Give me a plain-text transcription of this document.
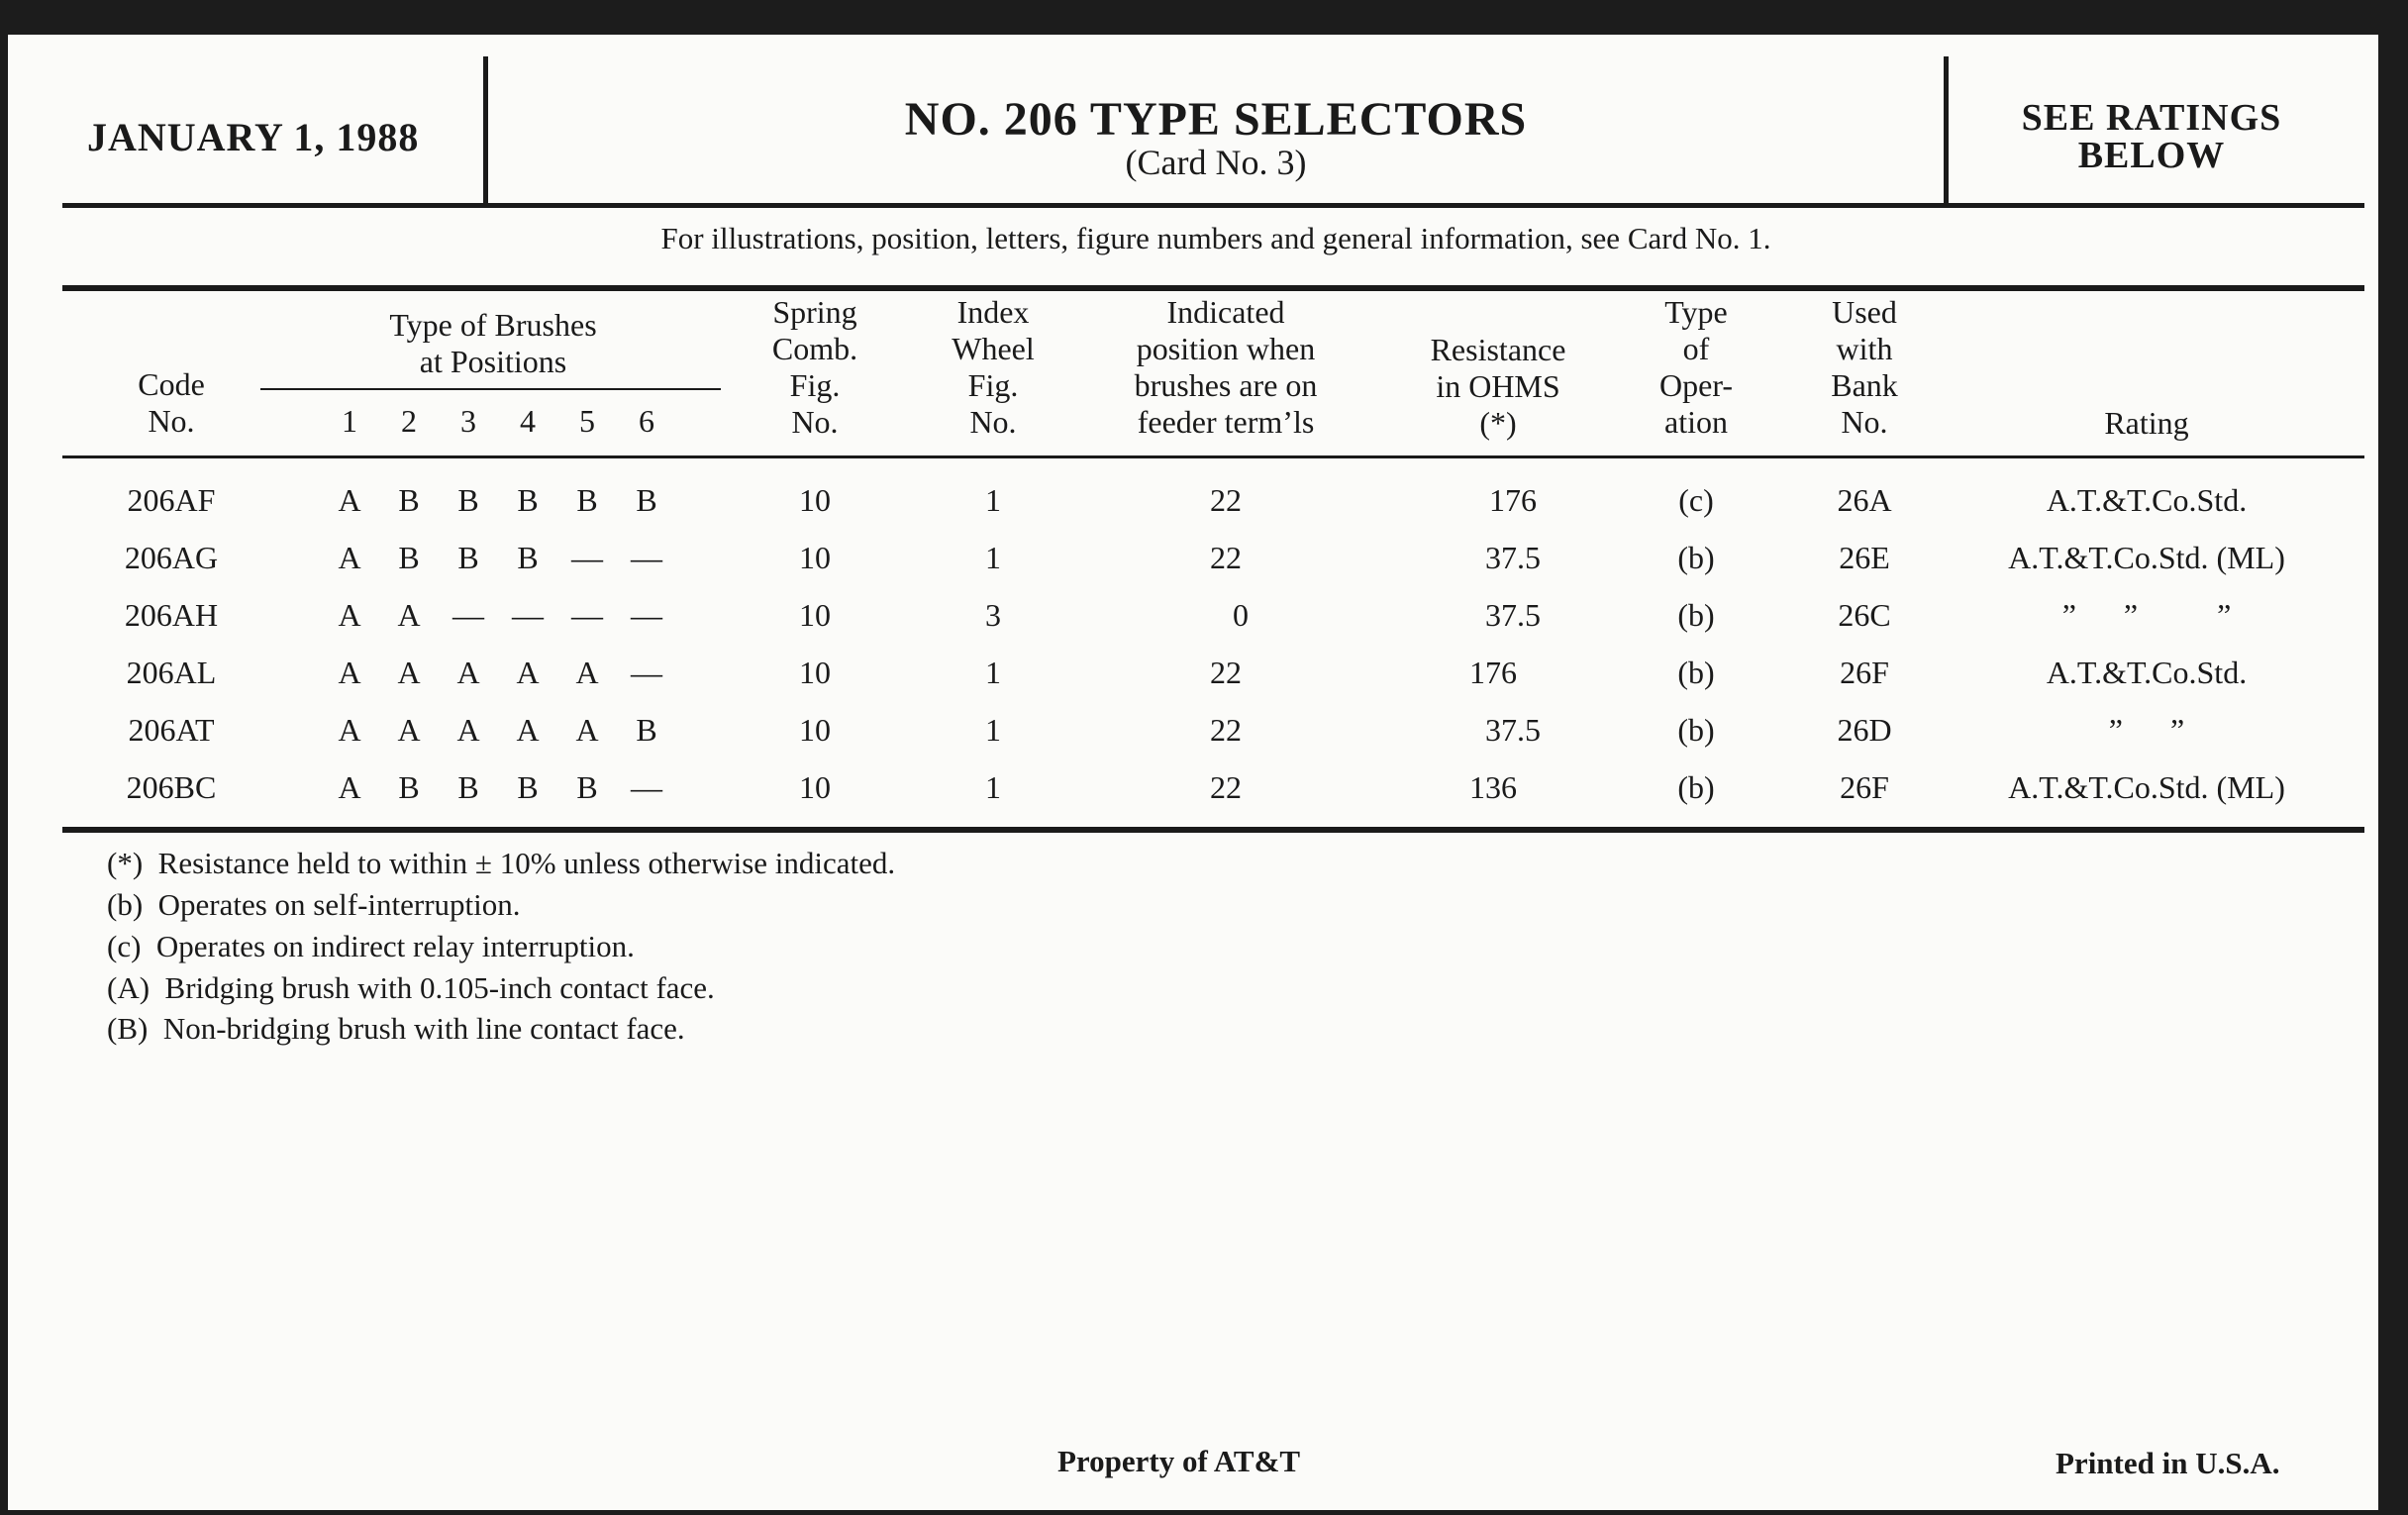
JANUARY 1, 1988	NO. 206 TYPE SELECTORS
(Card No. 3)
SEE RATINGS
BELOW
For illustrations, position, letters, figure numbers and general information, see Card No. 1.
Code
No.
Type of Brushes
at Positions
1 2 3 4 5 6
Spring
Comb.
Fig.
No.
Index
Wheel
Fig.
No.
Indicated
position when
brushes are on
feeder term’ls
Resistance
in OHMS
(*)
Type
of
Oper-
ation
Used
with
Bank
No.	Rating
206AF	A B B B B B	10	1	22	176	(c)	26A	A.T.&T.Co.Std.
206AG	A B B B — —	10	1	22	37.5	(b)	26E	A.T.&T.Co.Std. (ML)
206AH	A A — — — —	10	3	0	37.5	(b)	26C	”      ”          ”
206AL	A A A A A —	10	1	22	176	(b)	26F	A.T.&T.Co.Std.
206AT	A A A A A B	10	1	22	37.5	(b)	26D	”      ”
206BC	A B B B B —	10	1	22	136	(b)	26F	A.T.&T.Co.Std. (ML)
(*)  Resistance held to within ± 10% unless otherwise indicated.
(b)  Operates on self-interruption.
(c)  Operates on indirect relay interruption.
(A)  Bridging brush with 0.105-inch contact face.
(B)  Non-bridging brush with line contact face.
Property of AT&T	Printed in U.S.A.
